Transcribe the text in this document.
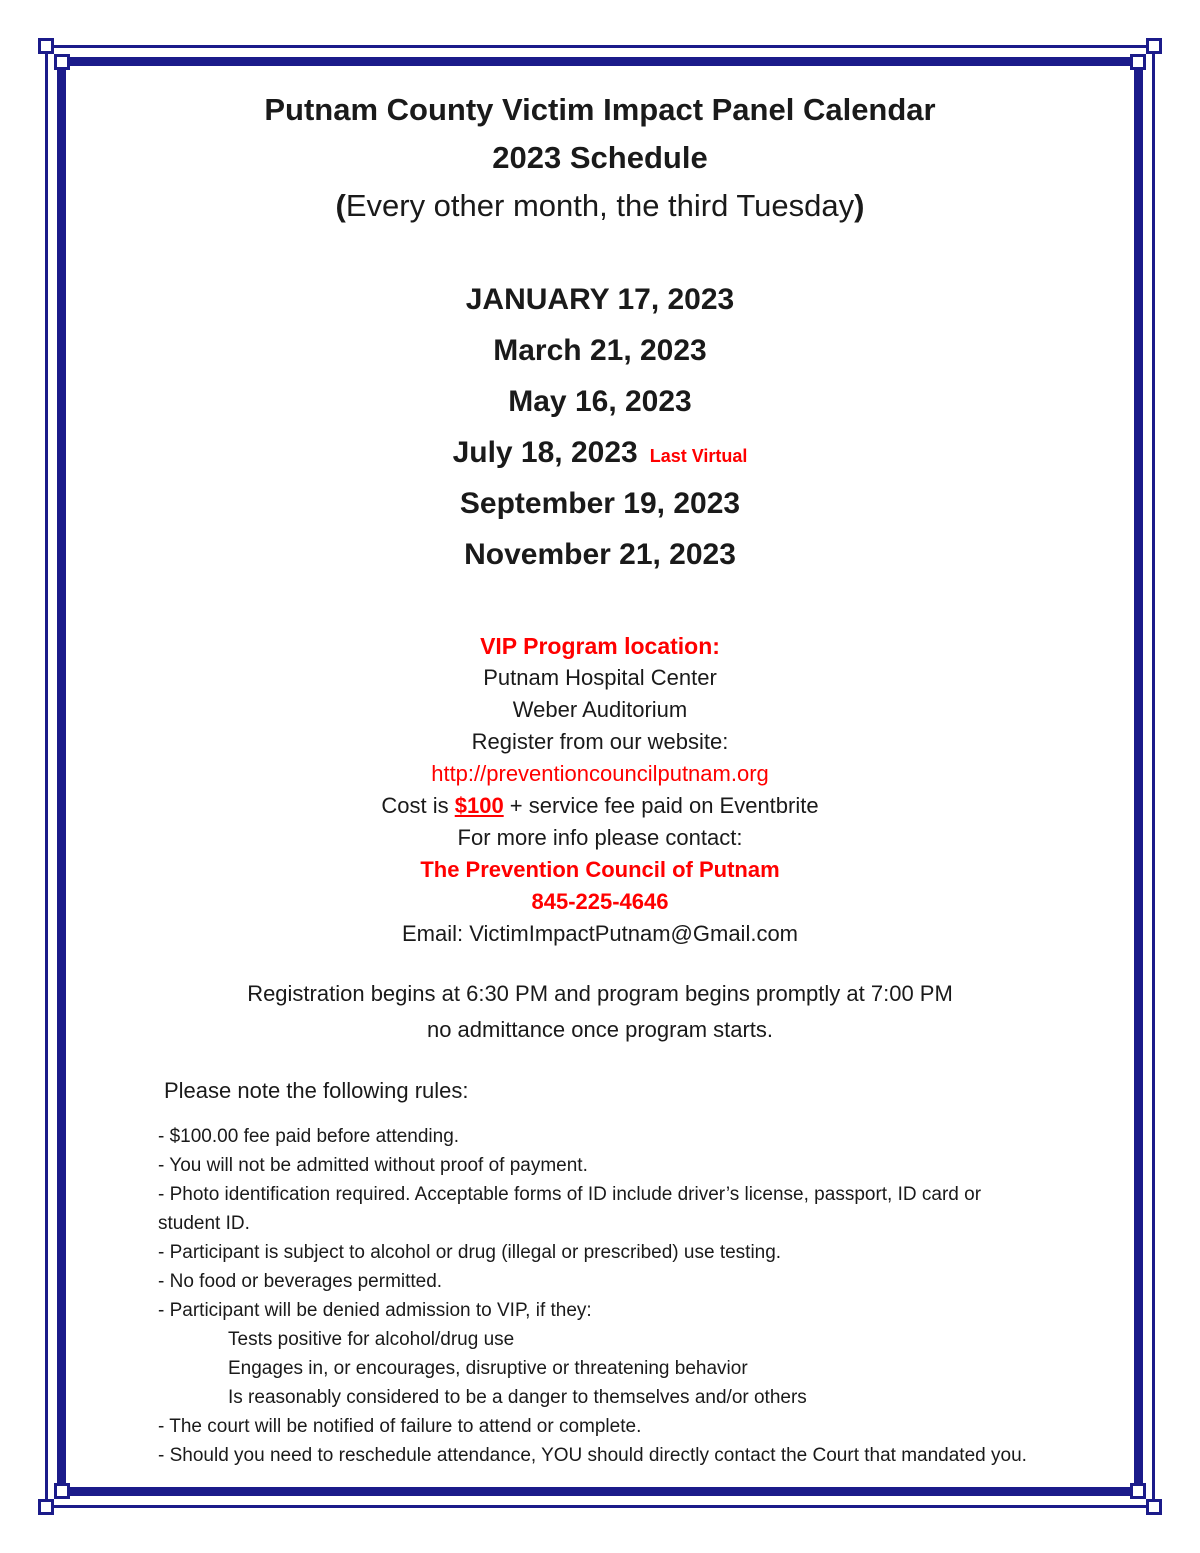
Putnam County Victim Impact Panel Calendar
2023 Schedule
(Every other month, the third Tuesday)
JANUARY 17, 2023
March 21, 2023
May 16, 2023
July 18, 2023 Last Virtual
September 19, 2023
November 21, 2023
VIP Program location:
Putnam Hospital Center
Weber Auditorium
Register from our website:
http://preventioncouncilputnam.org
Cost is $100 + service fee paid on Eventbrite
For more info please contact:
The Prevention Council of Putnam
845-225-4646
Email: VictimImpactPutnam@Gmail.com
Registration begins at 6:30 PM and program begins promptly at 7:00 PM
no admittance once program starts.
Please note the following rules:
- $100.00 fee paid before attending.
- You will not be admitted without proof of payment.
- Photo identification required. Acceptable forms of ID include driver’s license, passport, ID card or student ID.
- Participant is subject to alcohol or drug (illegal or prescribed) use testing.
- No food or beverages permitted.
- Participant will be denied admission to VIP, if they:
Tests positive for alcohol/drug use
Engages in, or encourages, disruptive or threatening behavior
Is reasonably considered to be a danger to themselves and/or others
- The court will be notified of failure to attend or complete.
- Should you need to reschedule attendance, YOU should directly contact the Court that mandated you.
